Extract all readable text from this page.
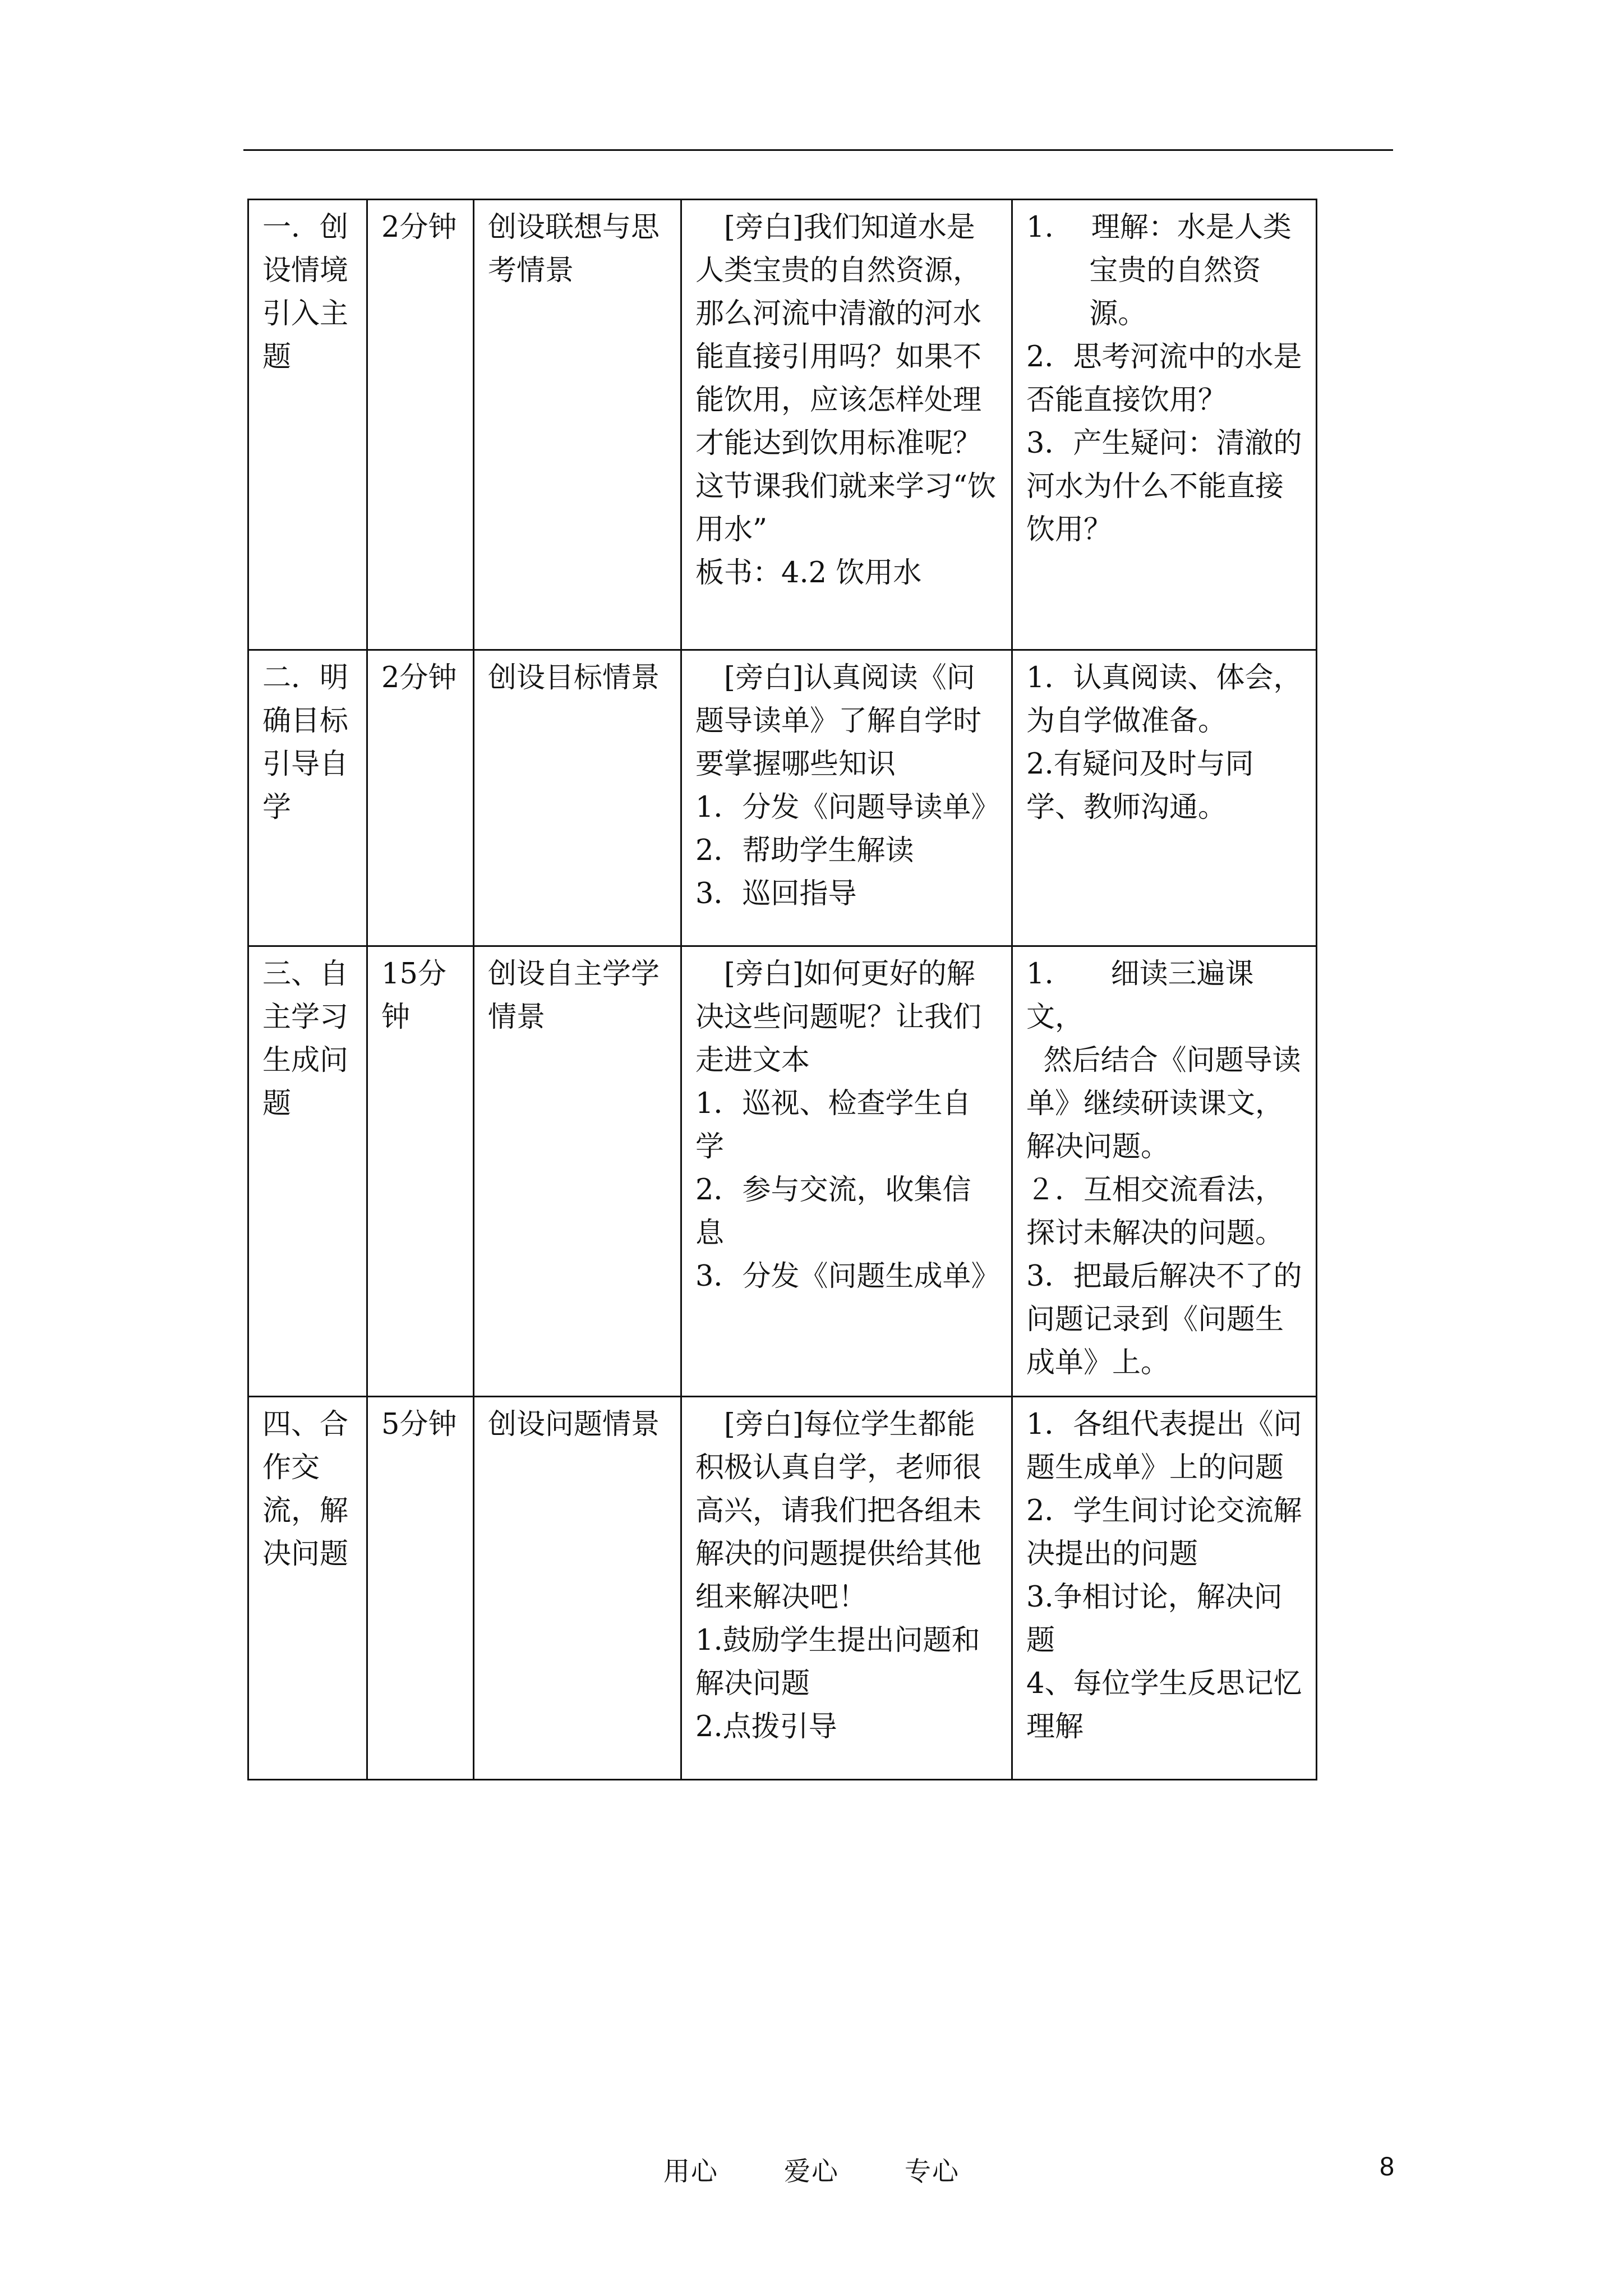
一．创设情境引入主题	2分钟	创设联想与思考情景	　[旁白]我们知道水是人类宝贵的自然资源，那么河流中清澈的河水能直接引用吗？如果不能饮用，应该怎样处理才能达到饮用标准呢？这节课我们就来学习“饮用水”
板书：4.2 饮用水	1.　 理解：水是人类
宝贵的自然资源。
2．思考河流中的水是否能直接饮用？
3．产生疑问：清澈的河水为什么不能直接饮用？

二．明确目标引导自学	2分钟	创设目标情景	　[旁白]认真阅读《问题导读单》了解自学时要掌握哪些知识
1．分发《问题导读单》
2．帮助学生解读
3．巡回指导	1．认真阅读、体会，为自学做准备。
2.有疑问及时与同学、教师沟通。

三、自主学习生成问题	15分钟	创设自主学学情景	　[旁白]如何更好的解决这些问题呢？让我们走进文本
1．巡视、检查学生自学
2．参与交流，收集信息
3．分发《问题生成单》	1.　　细读三遍课文，
然后结合《问题导读单》继续研读课文，解决问题。
２．互相交流看法，探讨未解决的问题。
3．把最后解决不了的问题记录到《问题生成单》上。

四、合作交流，解决问题	5分钟	创设问题情景	　[旁白]每位学生都能积极认真自学，老师很高兴，请我们把各组未解决的问题提供给其他组来解决吧！
1.鼓励学生提出问题和解决问题
2.点拨引导	1．各组代表提出《问题生成单》上的问题
2．学生间讨论交流解决提出的问题
3.争相讨论，解决问题
4、每位学生反思记忆理解
用心 爱心 专心	8
